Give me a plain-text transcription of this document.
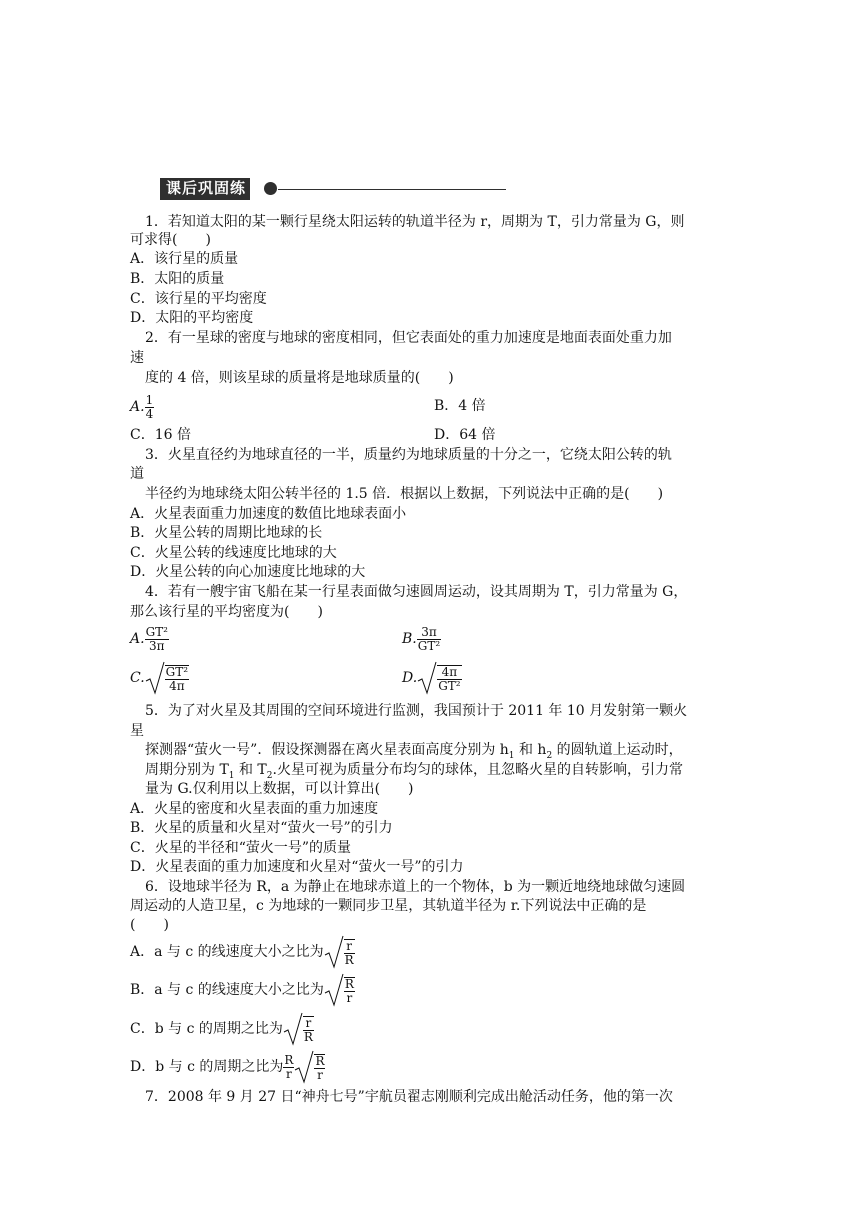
课后巩固练
1．若知道太阳的某一颗行星绕太阳运转的轨道半径为 r，周期为 T，引力常量为 G，则
可求得(　　)
A．该行星的质量
B．太阳的质量
C．该行星的平均密度
D．太阳的平均密度
2．有一星球的密度与地球的密度相同，但它表面处的重力加速度是地面表面处重力加
速
度的 4 倍，则该星球的质量将是地球质量的(　　)
A. $\frac{1}{4}$	B．4 倍
C．16 倍	D．64 倍
3．火星直径约为地球直径的一半，质量约为地球质量的十分之一，它绕太阳公转的轨
道
半径约为地球绕太阳公转半径的 1.5 倍．根据以上数据，下列说法中正确的是(　　)
A．火星表面重力加速度的数值比地球表面小
B．火星公转的周期比地球的长
C．火星公转的线速度比地球的大
D．火星公转的向心加速度比地球的大
4．若有一艘宇宙飞船在某一行星表面做匀速圆周运动，设其周期为 T，引力常量为 G，
那么该行星的平均密度为(　　)
A. $\frac{\text{GT²}}{3\pi}$	B. $\frac{3\pi}{\text{GT²}}$
C. $\frac{\text{GT²}}{4\pi}$	D. $\frac{4\pi}{\text{GT²}}$
5．为了对火星及其周围的空间环境进行监测，我国预计于 2011 年 10 月发射第一颗火
星
探测器“萤火一号”．假设探测器在离火星表面高度分别为 $h_1$ 和 $h_2$ 的圆轨道上运动时，
周期分别为 $T_1$ 和 $T_2$.火星可视为质量分布均匀的球体，且忽略火星的自转影响，引力常
量为 G.仅利用以上数据，可以计算出(　　)
A．火星的密度和火星表面的重力加速度
B．火星的质量和火星对“萤火一号”的引力
C．火星的半径和“萤火一号”的质量
D．火星表面的重力加速度和火星对“萤火一号”的引力
6．设地球半径为 R，a 为静止在地球赤道上的一个物体，b 为一颗近地绕地球做匀速圆
周运动的人造卫星，c 为地球的一颗同步卫星，其轨道半径为 r.下列说法中正确的是
(　　)
A．a 与 c 的线速度大小之比为 $\frac{r}{R}$
B．a 与 c 的线速度大小之比为 $\frac{R}{r}$
C．b 与 c 的周期之比为 $\frac{r}{R}$
D．b 与 c 的周期之比为 $\frac{R}{r} \frac{R}{r}$
7．2008 年 9 月 27 日“神舟七号”宇航员翟志刚顺利完成出舱活动任务，他的第一次
